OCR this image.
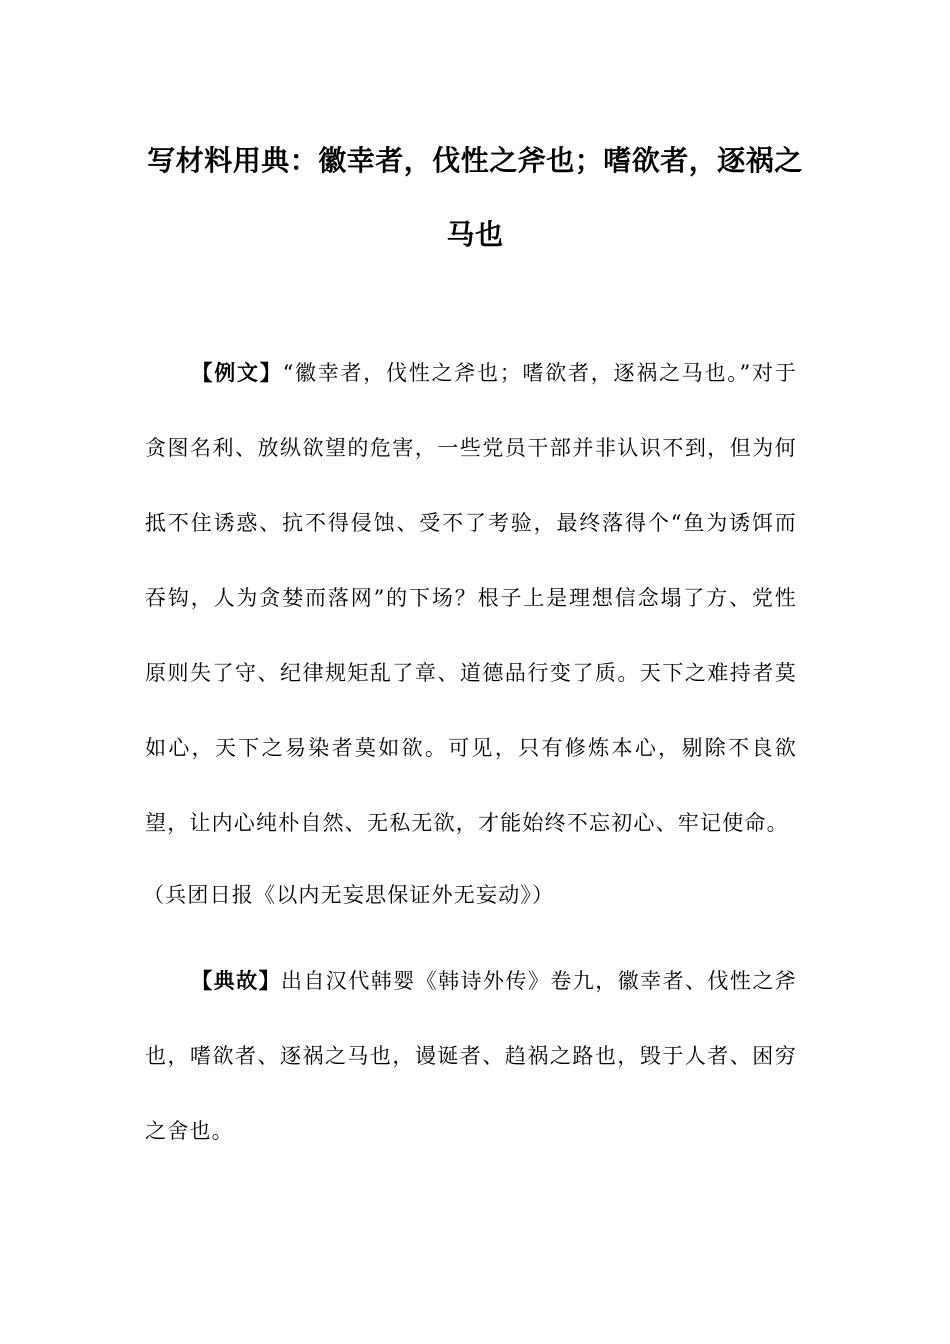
写材料用典：徽幸者，伐性之斧也；嗜欲者，逐祸之马也
【例文】“徽幸者，伐性之斧也；嗜欲者，逐祸之马也。”对于贪图名利、放纵欲望的危害，一些党员干部并非认识不到，但为何抵不住诱惑、抗不得侵蚀、受不了考验，最终落得个“鱼为诱饵而吞钩，人为贪婪而落网”的下场？根子上是理想信念塌了方、党性原则失了守、纪律规矩乱了章、道德品行变了质。天下之难持者莫如心，天下之易染者莫如欲。可见，只有修炼本心，剔除不良欲望，让内心纯朴自然、无私无欲，才能始终不忘初心、牢记使命。
（兵团日报《以内无妄思保证外无妄动》）
【典故】出自汉代韩婴《韩诗外传》卷九，徽幸者、伐性之斧也，嗜欲者、逐祸之马也，谩诞者、趋祸之路也，毁于人者、困穷之舍也。
